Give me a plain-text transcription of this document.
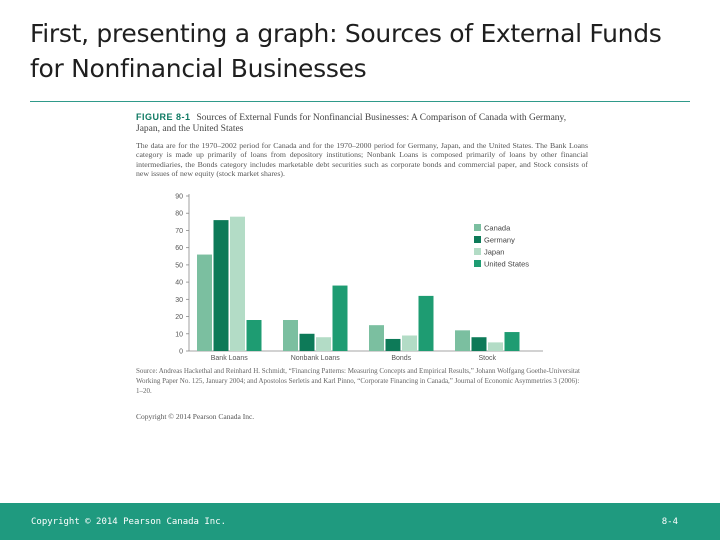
First, presenting a graph: Sources of External Funds for Nonfinancial Businesses
FIGURE 8-1 Sources of External Funds for Nonfinancial Businesses: A Comparison of Canada with Germany, Japan, and the United States
The data are for the 1970–2002 period for Canada and for the 1970–2000 period for Germany, Japan, and the United States. The Bank Loans category is made up primarily of loans from depository institutions; Nonbank Loans is composed primarily of loans by other financial intermediaries, the Bonds category includes marketable debt securities such as corporate bonds and commercial paper, and Stock consists of new issues of new equity (stock market shares).
0
10
20
30
40
50
60
70
80
90
Bank Loans	Nonbank Loans	Bonds	Stock
Canada
Germany
Japan
United States
Source: Andreas Hackethal and Reinhard H. Schmidt, “Financing Patterns: Measuring Concepts and Empirical Results,” Johann Wolfgang Goethe-Universitat Working Paper No. 125, January 2004; and Apostolos Serletis and Karl Pinno, “Corporate Financing in Canada,” Journal of Economic Asymmetries 3 (2006): 1–20.
Copyright © 2014 Pearson Canada Inc.
Copyright © 2014 Pearson Canada Inc.	8-4
